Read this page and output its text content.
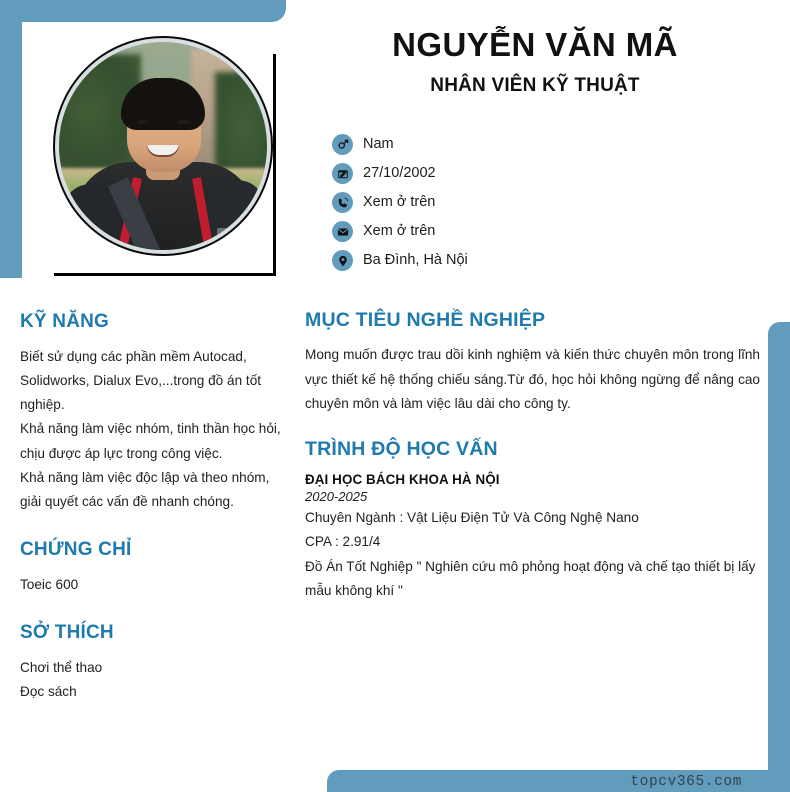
NGUYỄN VĂN MÃ
NHÂN VIÊN KỸ THUẬT
Nam
27/10/2002
Xem ở trên
Xem ở trên
Ba Đình, Hà Nội
KỸ NĂNG

Biết sử dụng các phần mềm Autocad, Solidworks, Dialux Evo,...trong đồ án tốt nghiệp.

Khả năng làm việc nhóm, tinh thần học hỏi, chịu được áp lực trong công việc.

Khả năng làm việc độc lập và theo nhóm, giải quyết các vấn đề nhanh chóng.

CHỨNG CHỈ

Toeic 600

SỞ THÍCH

Chơi thể thao

Đọc sách

MỤC TIÊU NGHỀ NGHIỆP

Mong muốn được trau dồi kinh nghiệm và kiến thức chuyên môn trong lĩnh vực thiết kế hệ thống chiếu sáng.Từ đó, học hỏi không ngừng để nâng cao chuyên môn và làm việc lâu dài cho công ty.

TRÌNH ĐỘ HỌC VẤN
ĐẠI HỌC BÁCH KHOA HÀ NỘI
2020-2025

Chuyên Ngành : Vật Liệu Điện Tử Và Công Nghệ Nano

CPA : 2.91/4

Đồ Án Tốt Nghiệp " Nghiên cứu mô phỏng hoạt động và chế tạo thiết bị lấy mẫu không khí "

topcv365.com
